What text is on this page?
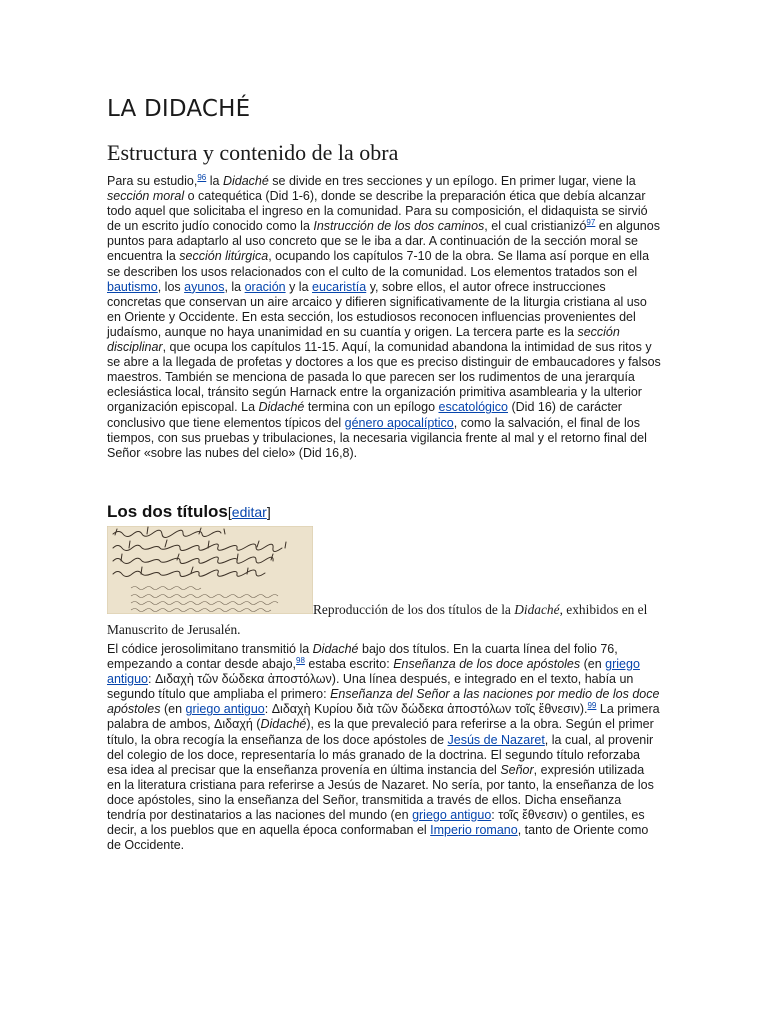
LA DIDACHÉ
Estructura y contenido de la obra

Para su estudio,$^{96}$ la Didaché se divide en tres secciones y un epílogo. En primer lugar, viene la sección moral o catequética (Did 1-6), donde se describe la preparación ética que debía alcanzar todo aquel que solicitaba el ingreso en la comunidad. Para su composición, el didaquista se sirvió de un escrito judío conocido como la Instrucción de los dos caminos, el cual cristianizó$^{97}$ en algunos puntos para adaptarlo al uso concreto que se le iba a dar. A continuación de la sección moral se encuentra la sección litúrgica, ocupando los capítulos 7-10 de la obra. Se llama así porque en ella se describen los usos relacionados con el culto de la comunidad. Los elementos tratados son el bautismo, los ayunos, la oración y la eucaristía y, sobre ellos, el autor ofrece instrucciones concretas que conservan un aire arcaico y difieren significativamente de la liturgia cristiana al uso en Oriente y Occidente. En esta sección, los estudiosos reconocen influencias provenientes del judaísmo, aunque no haya unanimidad en su cuantía y origen. La tercera parte es la sección disciplinar, que ocupa los capítulos 11-15. Aquí, la comunidad abandona la intimidad de sus ritos y se abre a la llegada de profetas y doctores a los que es preciso distinguir de embaucadores y falsos maestros. También se menciona de pasada lo que parecen ser los rudimentos de una jerarquía eclesiástica local, tránsito según Harnack entre la organización primitiva asamblearia y la ulterior organización episcopal. La Didaché termina con un epílogo escatológico (Did 16) de carácter conclusivo que tiene elementos típicos del género apocalíptico, como la salvación, el final de los tiempos, con sus pruebas y tribulaciones, la necesaria vigilancia frente al mal y el retorno final del Señor «sobre las nubes del cielo» (Did 16,8).

Los dos títulos[editar]

Reproducción de los dos títulos de la Didaché, exhibidos en el Manuscrito de Jerusalén.

El códice jerosolimitano transmitió la Didaché bajo dos títulos. En la cuarta línea del folio 76, empezando a contar desde abajo,$^{98}$ estaba escrito: Enseñanza de los doce apóstoles (en griego antiguo: Διδαχὴ τῶν δώδεκα ἀποστόλων). Una línea después, e integrado en el texto, había un segundo título que ampliaba el primero: Enseñanza del Señor a las naciones por medio de los doce apóstoles (en griego antiguo: Διδαχὴ Κυρίου διὰ τῶν δώδεκα ἀποστόλων τοῖς ἔθνεσιν).$^{99}$ La primera palabra de ambos, Διδαχή (Didaché), es la que prevaleció para referirse a la obra. Según el primer título, la obra recogía la enseñanza de los doce apóstoles de Jesús de Nazaret, la cual, al provenir del colegio de los doce, representaría lo más granado de la doctrina. El segundo título reforzaba esa idea al precisar que la enseñanza provenía en última instancia del Señor, expresión utilizada en la literatura cristiana para referirse a Jesús de Nazaret. No sería, por tanto, la enseñanza de los doce apóstoles, sino la enseñanza del Señor, transmitida a través de ellos. Dicha enseñanza tendría por destinatarios a las naciones del mundo (en griego antiguo: τοῖς ἔθνεσιν) o gentiles, es decir, a los pueblos que en aquella época conformaban el Imperio romano, tanto de Oriente como de Occidente.
